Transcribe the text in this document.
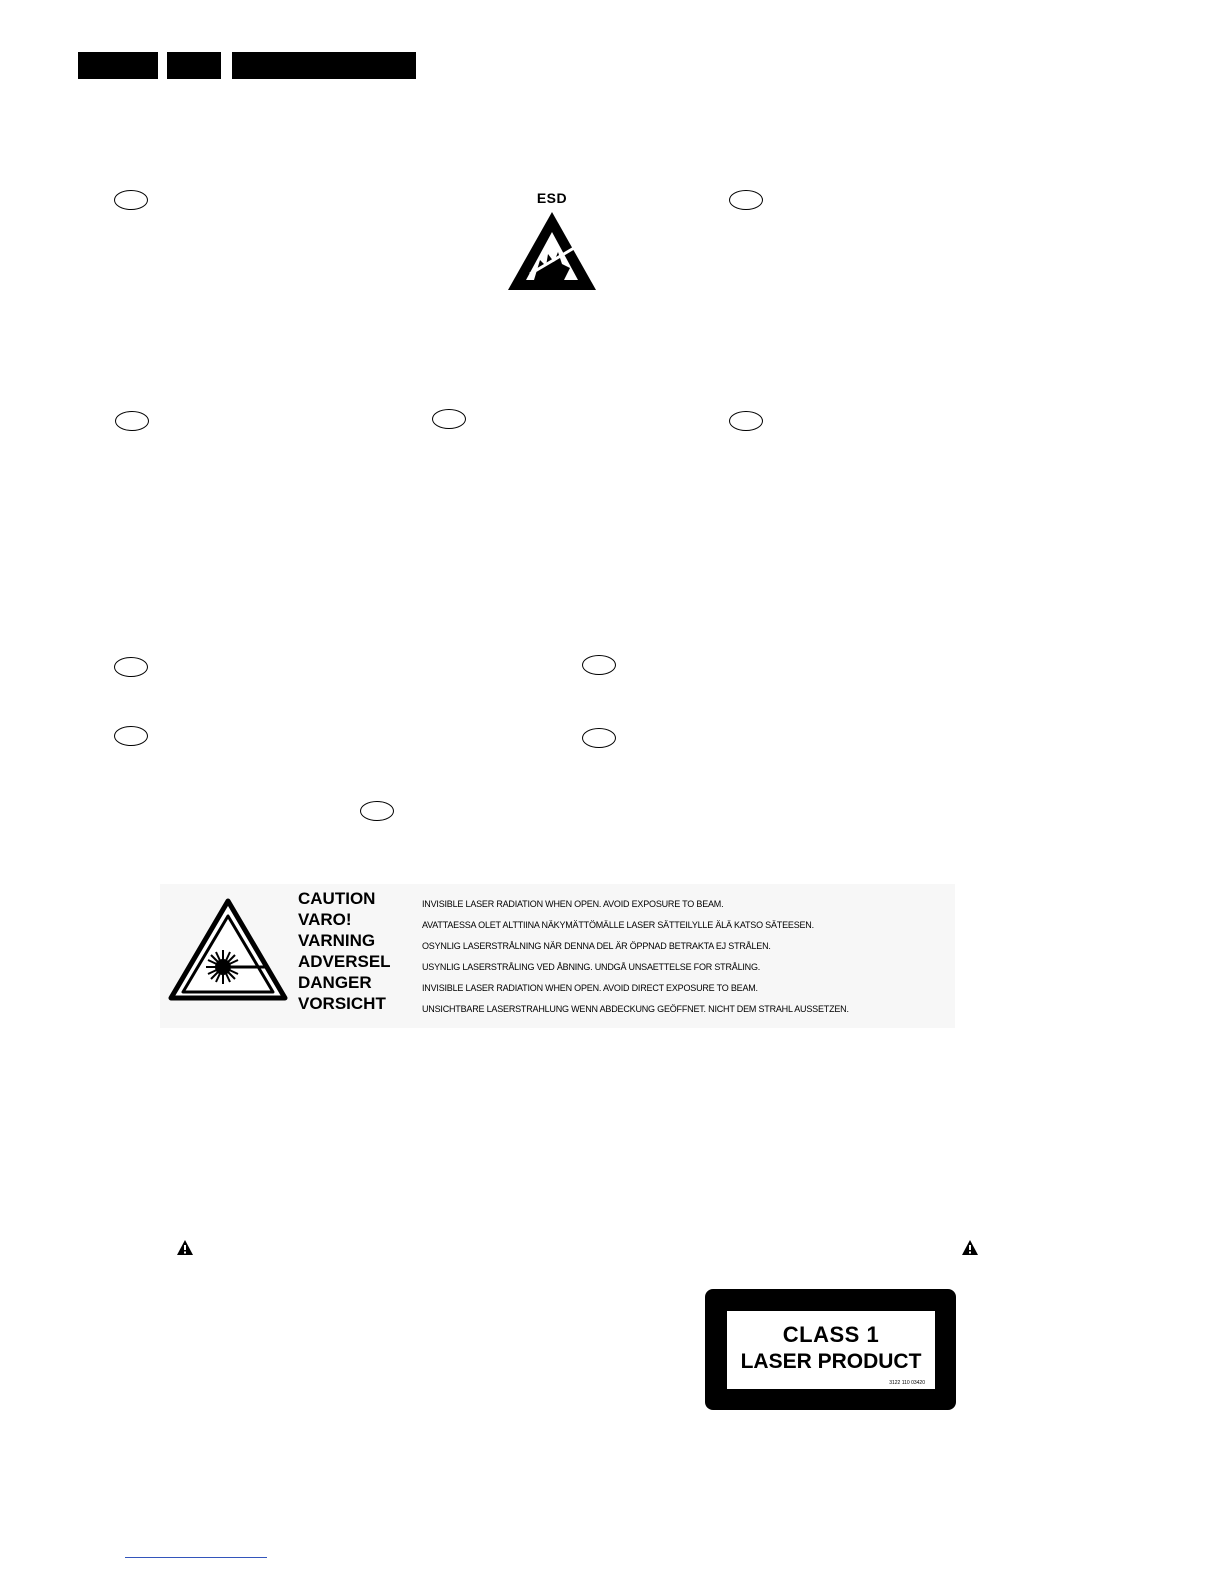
ESD
CAUTION
VARO!
VARNING
ADVERSEL
DANGER
VORSICHT
INVISIBLE LASER RADIATION WHEN OPEN. AVOID EXPOSURE TO BEAM.
AVATTAESSA OLET ALTTIINA NÄKYMÄTTÖMÄLLE LASER SÄTTEILYLLE ÄLÄ KATSO SÄTEESEN.
OSYNLIG LASERSTRÅLNING NÄR DENNA DEL ÄR ÖPPNAD BETRAKTA EJ STRÅLEN.
USYNLIG LASERSTRÅLING VED ÅBNING. UNDGÅ UNSAETTELSE FOR STRÅLING.
INVISIBLE LASER RADIATION WHEN OPEN. AVOID DIRECT EXPOSURE TO BEAM.
UNSICHTBARE LASERSTRAHLUNG WENN ABDECKUNG GEÖFFNET. NICHT DEM STRAHL AUSSETZEN.
CLASS 1
LASER PRODUCT
3122 110 03420
